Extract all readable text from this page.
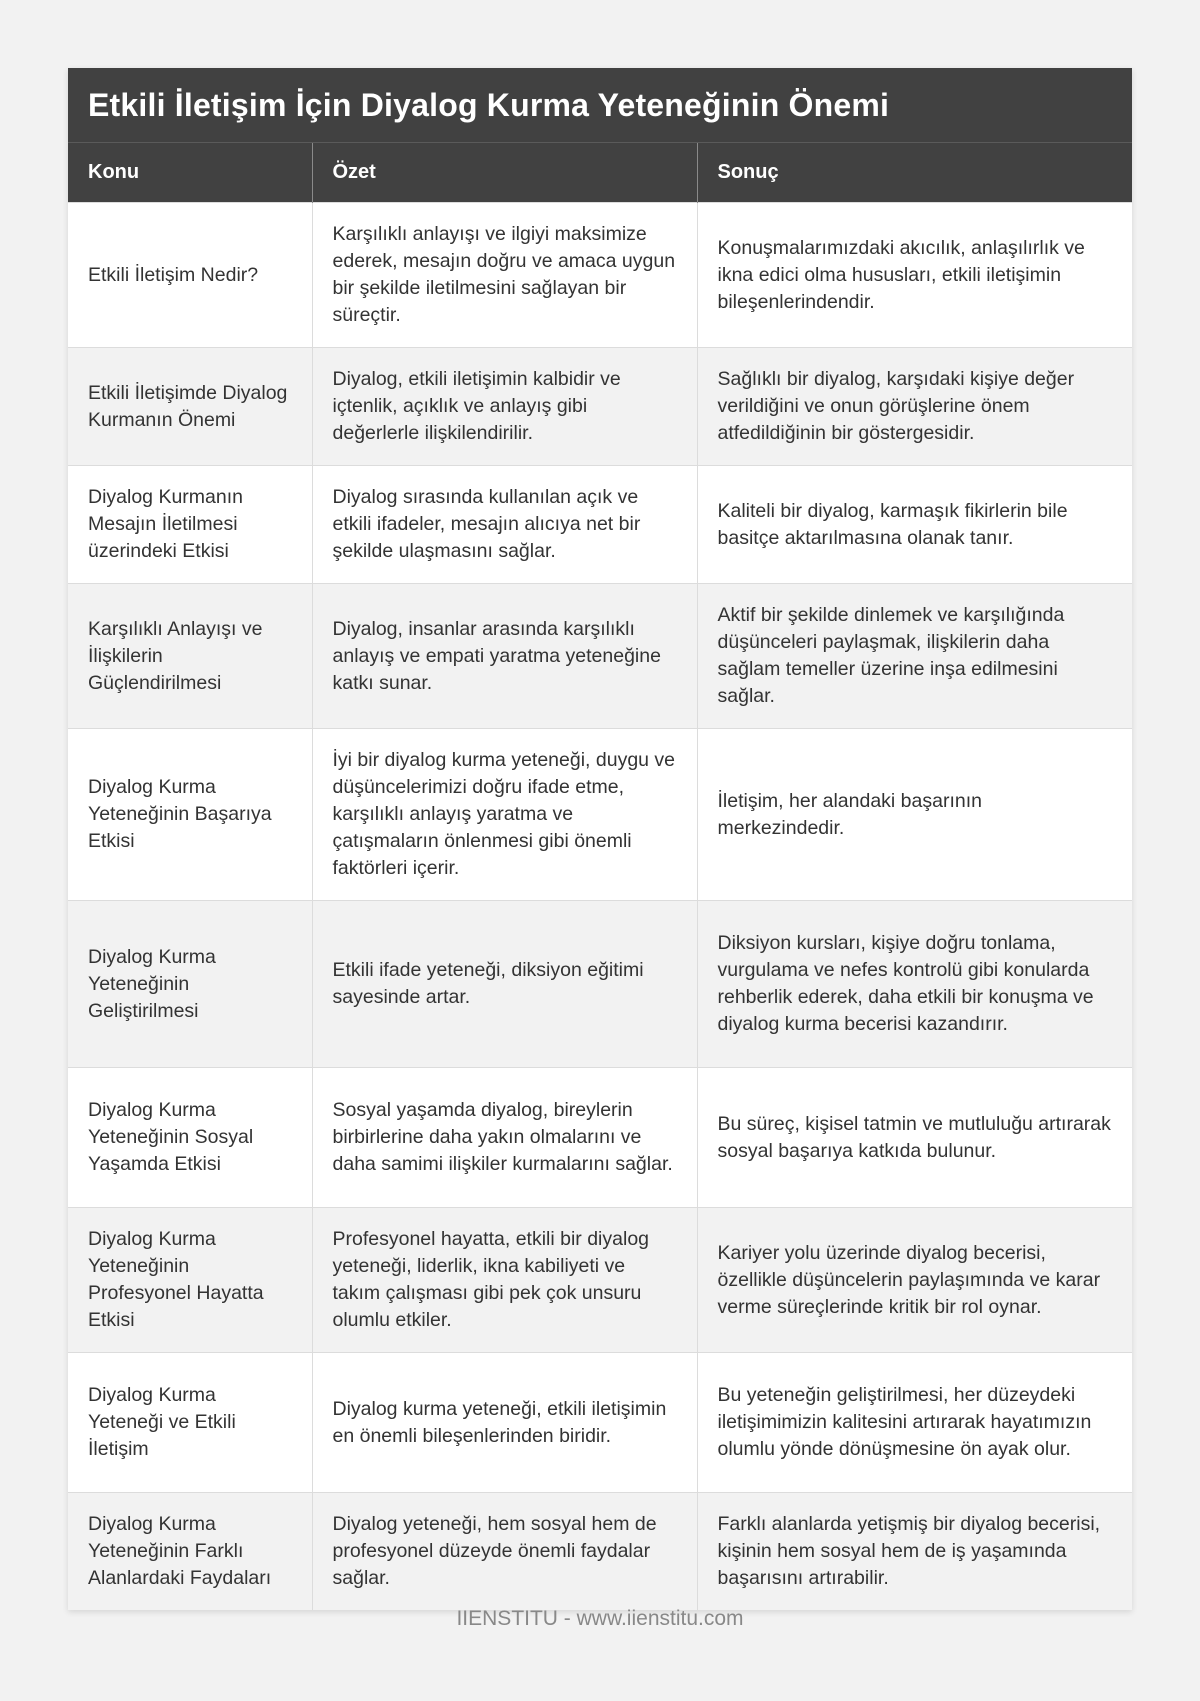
Etkili İletişim İçin Diyalog Kurma Yeteneğinin Önemi
Konu	Özet	Sonuç
Etkili İletişim Nedir?	Karşılıklı anlayışı ve ilgiyi maksimize ederek, mesajın doğru ve amaca uygun bir şekilde iletilmesini sağlayan bir süreçtir.	Konuşmalarımızdaki akıcılık, anlaşılırlık ve ikna edici olma hususları, etkili iletişimin bileşenlerindendir.
Etkili İletişimde Diyalog Kurmanın Önemi	Diyalog, etkili iletişimin kalbidir ve içtenlik, açıklık ve anlayış gibi değerlerle ilişkilendirilir.	Sağlıklı bir diyalog, karşıdaki kişiye değer verildiğini ve onun görüşlerine önem atfedildiğinin bir göstergesidir.
Diyalog Kurmanın Mesajın İletilmesi üzerindeki Etkisi	Diyalog sırasında kullanılan açık ve etkili ifadeler, mesajın alıcıya net bir şekilde ulaşmasını sağlar.	Kaliteli bir diyalog, karmaşık fikirlerin bile basitçe aktarılmasına olanak tanır.
Karşılıklı Anlayışı ve İlişkilerin Güçlendirilmesi	Diyalog, insanlar arasında karşılıklı anlayış ve empati yaratma yeteneğine katkı sunar.	Aktif bir şekilde dinlemek ve karşılığında düşünceleri paylaşmak, ilişkilerin daha sağlam temeller üzerine inşa edilmesini sağlar.
Diyalog Kurma Yeteneğinin Başarıya Etkisi	İyi bir diyalog kurma yeteneği, duygu ve düşüncelerimizi doğru ifade etme, karşılıklı anlayış yaratma ve çatışmaların önlenmesi gibi önemli faktörleri içerir.	İletişim, her alandaki başarının merkezindedir.
Diyalog Kurma Yeteneğinin Geliştirilmesi	Etkili ifade yeteneği, diksiyon eğitimi sayesinde artar.	Diksiyon kursları, kişiye doğru tonlama, vurgulama ve nefes kontrolü gibi konularda rehberlik ederek, daha etkili bir konuşma ve diyalog kurma becerisi kazandırır.
Diyalog Kurma Yeteneğinin Sosyal Yaşamda Etkisi	Sosyal yaşamda diyalog, bireylerin birbirlerine daha yakın olmalarını ve daha samimi ilişkiler kurmalarını sağlar.	Bu süreç, kişisel tatmin ve mutluluğu artırarak sosyal başarıya katkıda bulunur.
Diyalog Kurma Yeteneğinin Profesyonel Hayatta Etkisi	Profesyonel hayatta, etkili bir diyalog yeteneği, liderlik, ikna kabiliyeti ve takım çalışması gibi pek çok unsuru olumlu etkiler.	Kariyer yolu üzerinde diyalog becerisi, özellikle düşüncelerin paylaşımında ve karar verme süreçlerinde kritik bir rol oynar.
Diyalog Kurma Yeteneği ve Etkili İletişim	Diyalog kurma yeteneği, etkili iletişimin en önemli bileşenlerinden biridir.	Bu yeteneğin geliştirilmesi, her düzeydeki iletişimimizin kalitesini artırarak hayatımızın olumlu yönde dönüşmesine ön ayak olur.
Diyalog Kurma Yeteneğinin Farklı Alanlardaki Faydaları	Diyalog yeteneği, hem sosyal hem de profesyonel düzeyde önemli faydalar sağlar.	Farklı alanlarda yetişmiş bir diyalog becerisi, kişinin hem sosyal hem de iş yaşamında başarısını artırabilir.
IIENSTITU - www.iienstitu.com
